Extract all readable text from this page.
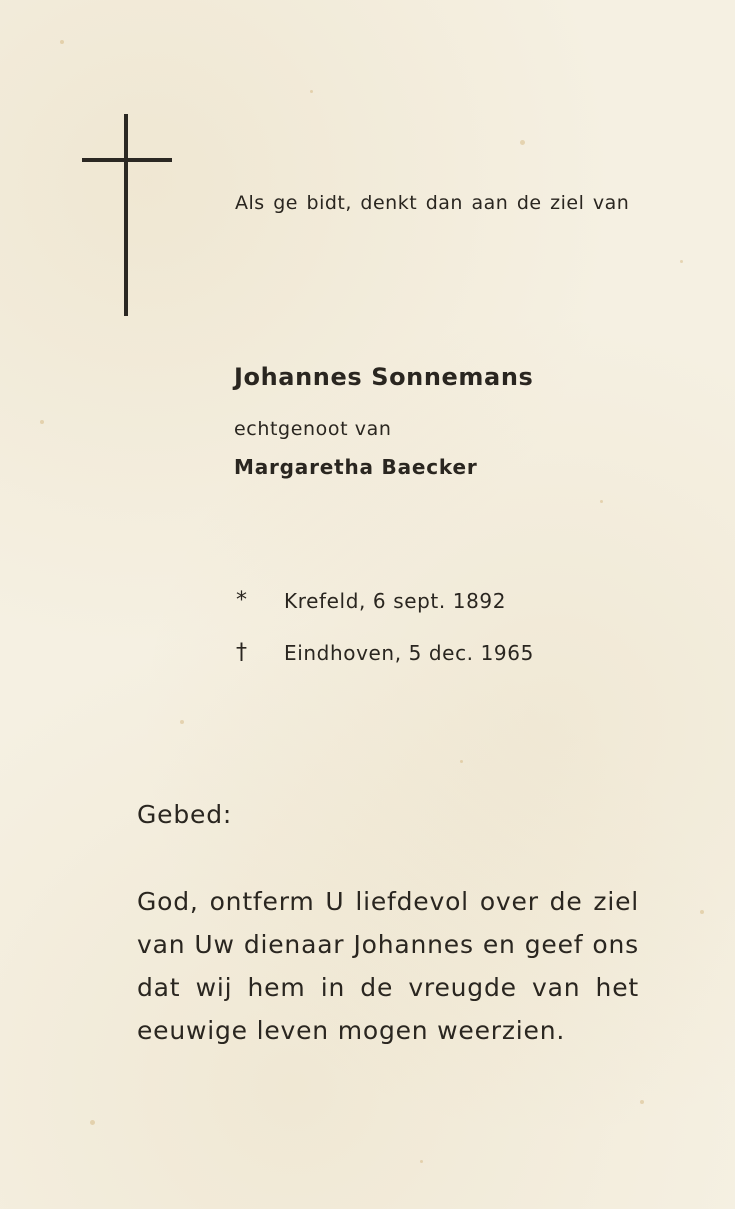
Als ge bidt, denkt dan aan de ziel van
Johannes Sonnemans
echtgenoot van
Margaretha Baecker
*	Krefeld, 6 sept. 1892
†	Eindhoven, 5 dec. 1965
Gebed:
God, ontferm U liefdevol over de ziel van Uw dienaar Johannes en geef ons dat wij hem in de vreugde van het eeuwige leven mogen weerzien.
